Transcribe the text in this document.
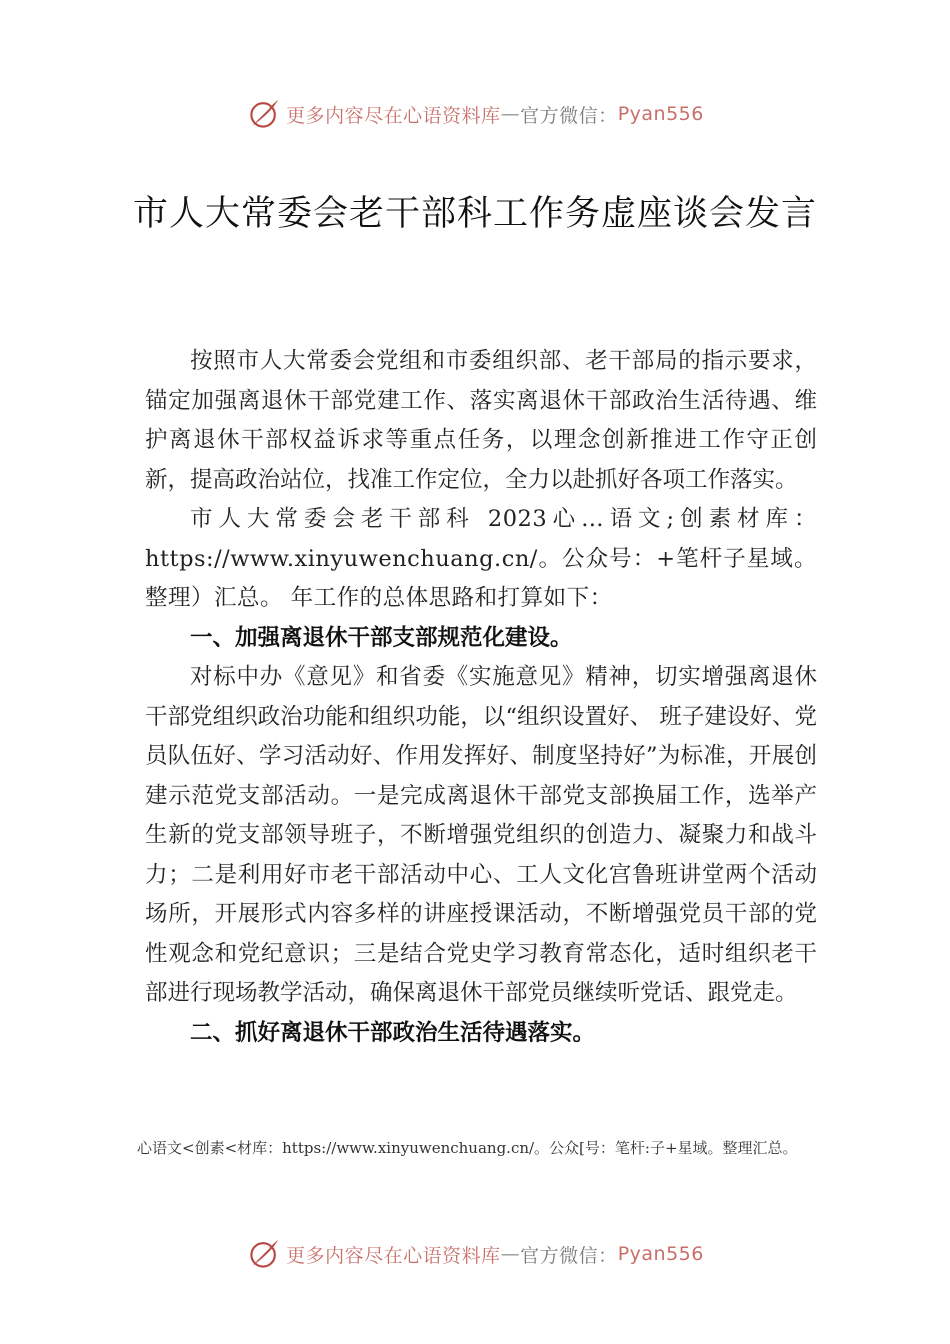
更多内容尽在心语资料库 — 官方微信： Pyan556
市人大常委会老干部科工作务虚座谈会发言

按照市人大常委会党组和市委组织部、老干部局的指示要求，锚定加强离退休干部党建工作、落实离退休干部政治生活待遇、维护离退休干部权益诉求等重点任务，以理念创新推进工作守正创新，提高政治站位，找准工作定位，全力以赴抓好各项工作落实。

市人大常委会老干部科 2023心…语文;创素材库：https://www.xinyuwenchuang.cn/。公众号：+笔杆子星域。整理）汇总。 年工作的总体思路和打算如下：

一、加强离退休干部支部规范化建设。

对标中办《意见》和省委《实施意见》精神，切实增强离退休干部党组织政治功能和组织功能，以“组织设置好、 班子建设好、党员队伍好、学习活动好、作用发挥好、制度坚持好”为标准，开展创建示范党支部活动。一是完成离退休干部党支部换届工作，选举产生新的党支部领导班子，不断增强党组织的创造力、凝聚力和战斗力；二是利用好市老干部活动中心、工人文化宫鲁班讲堂两个活动场所，开展形式内容多样的讲座授课活动，不断增强党员干部的党性观念和党纪意识；三是结合党史学习教育常态化，适时组织老干部进行现场教学活动，确保离退休干部党员继续听党话、跟党走。

二、抓好离退休干部政治生活待遇落实。
心语文<创素<材库：https://www.xinyuwenchuang.cn/。公众[号：笔杆:子+星域。整理汇总。
更多内容尽在心语资料库 — 官方微信： Pyan556
